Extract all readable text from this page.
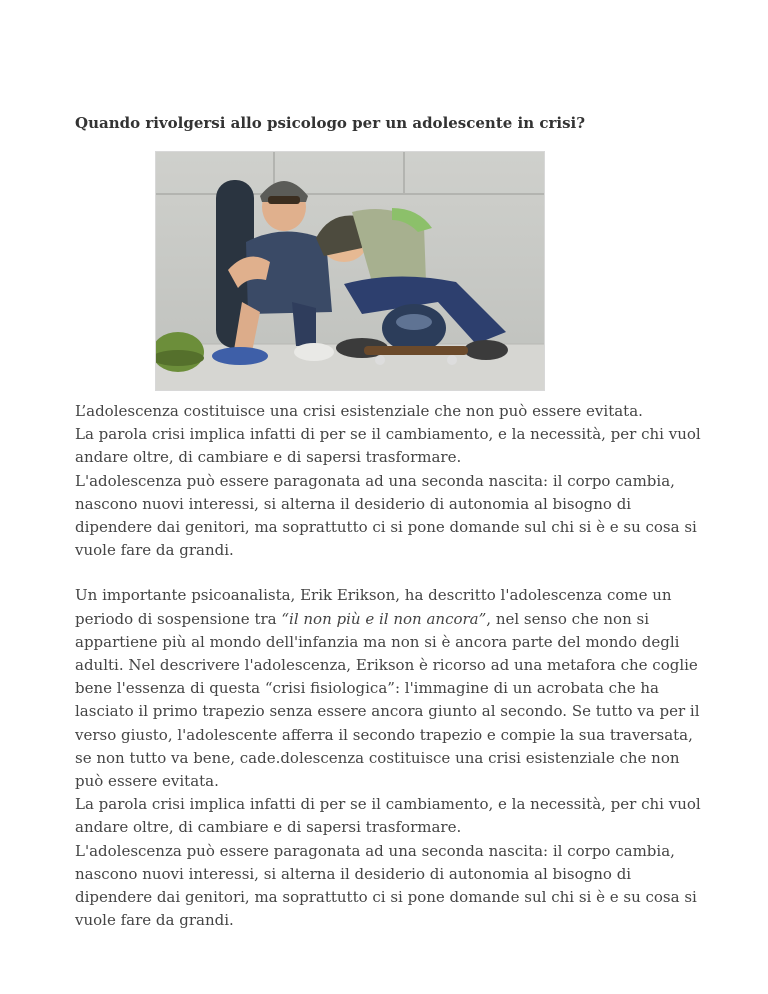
Quando rivolgersi allo psicologo per un adolescente in crisi?

L’adolescenza costituisce una crisi esistenziale che non può essere evitata.

La parola crisi implica infatti di per se il cambiamento, e la necessità, per chi vuol andare oltre, di cambiare e di sapersi trasformare.

L'adolescenza può essere paragonata ad una seconda nascita: il corpo cambia, nascono nuovi interessi, si alterna il desiderio di autonomia al bisogno di dipendere dai genitori, ma soprattutto ci si pone domande sul chi si è e su cosa si vuole fare da grandi.

Un importante psicoanalista, Erik Erikson, ha descritto l'adolescenza come un periodo di sospensione tra “il non più e il non ancora”, nel senso che non si appartiene più al mondo dell'infanzia ma non si è ancora parte del mondo degli adulti. Nel descrivere l'adolescenza, Erikson è ricorso ad una metafora che coglie bene l'essenza di questa “crisi fisiologica”: l'immagine di un acrobata che ha lasciato il primo trapezio senza essere ancora giunto al secondo. Se tutto va per il verso giusto, l'adolescente afferra il secondo trapezio e compie la sua traversata, se non tutto va bene, cade.dolescenza costituisce una crisi esistenziale che non può essere evitata.

La parola crisi implica infatti di per se il cambiamento, e la necessità, per chi vuol andare oltre, di cambiare e di sapersi trasformare.

L'adolescenza può essere paragonata ad una seconda nascita: il corpo cambia, nascono nuovi interessi, si alterna il desiderio di autonomia al bisogno di dipendere dai genitori, ma soprattutto ci si pone domande sul chi si è e su cosa si vuole fare da grandi.
